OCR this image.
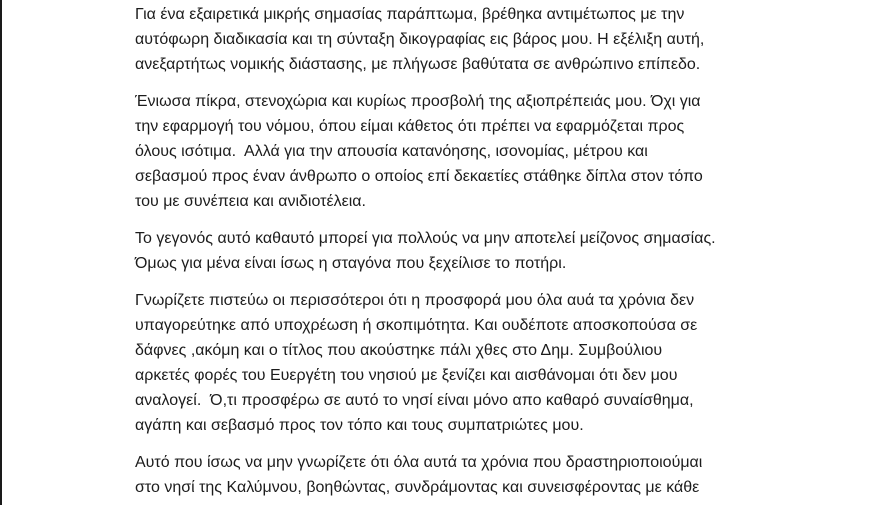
Για ένα εξαιρετικά μικρής σημασίας παράπτωμα, βρέθηκα αντιμέτωπος με την
αυτόφωρη διαδικασία και τη σύνταξη δικογραφίας εις βάρος μου. Η εξέλιξη αυτή,
ανεξαρτήτως νομικής διάστασης, με πλήγωσε βαθύτατα σε ανθρώπινο επίπεδο.

Ένιωσα πίκρα, στενοχώρια και κυρίως προσβολή της αξιοπρέπειάς μου. Όχι για
την εφαρμογή του νόμου, όπου είμαι κάθετος ότι πρέπει να εφαρμόζεται προς
όλους ισότιμα.  Αλλά για την απουσία κατανόησης, ισονομίας, μέτρου και
σεβασμού προς έναν άνθρωπο ο οποίος επί δεκαετίες στάθηκε δίπλα στον τόπο
του με συνέπεια και ανιδιοτέλεια.

Το γεγονός αυτό καθαυτό μπορεί για πολλούς να μην αποτελεί μείζονος σημασίας.
Όμως για μένα είναι ίσως η σταγόνα που ξεχείλισε το ποτήρι.

Γνωρίζετε πιστεύω οι περισσότεροι ότι η προσφορά μου όλα αυά τα χρόνια δεν
υπαγορεύτηκε από υποχρέωση ή σκοπιμότητα. Και ουδέποτε αποσκοπούσα σε
δάφνες ,ακόμη και ο τίτλος που ακούστηκε πάλι χθες στο Δημ. Συμβούλιου
αρκετές φορές του Ευεργέτη του νησιού με ξενίζει και αισθάνομαι ότι δεν μου
αναλογεί.  Ό,τι προσφέρω σε αυτό το νησί είναι μόνο απο καθαρό συναίσθημα,
αγάπη και σεβασμό προς τον τόπο και τους συμπατριώτες μου.

Αυτό που ίσως να μην γνωρίζετε ότι όλα αυτά τα χρόνια που δραστηριοποιούμαι
στο νησί της Καλύμνου, βοηθώντας, συνδράμοντας και συνεισφέροντας με κάθε
